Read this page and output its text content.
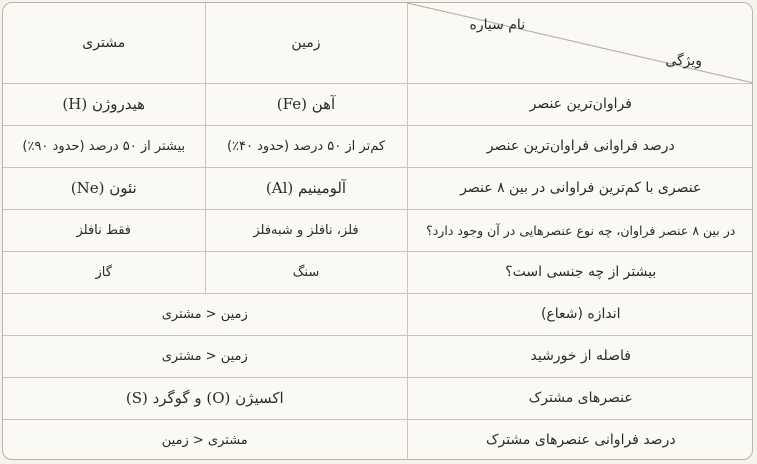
نام سیاره
ویژگی	زمین	مشتری
فراوان‌ترین عنصر	آهن (Fe)	هیدروژن (H)
درصد فراوانی فراوان‌ترین عنصر	کم‌تر از ۵۰ درصد (حدود ۴۰٪)	بیشتر از ۵۰ درصد (حدود ۹۰٪)
عنصری با کم‌ترین فراوانی در بین ۸ عنصر	آلومینیم (Al)	نئون (Ne)
در بین ۸ عنصر فراوان، چه نوع عنصرهایی در آن وجود دارد؟	فلز، نافلز و شبه‌فلز	فقط نافلز
بیشتر از چه جنسی است؟	سنگ	گاز
اندازه (شعاع)	زمین < مشتری	
فاصله از خورشید	زمین < مشتری	
عنصرهای مشترک	اکسیژن (O) و گوگرد (S)	
درصد فراوانی عنصرهای مشترک	مشتری < زمین	
